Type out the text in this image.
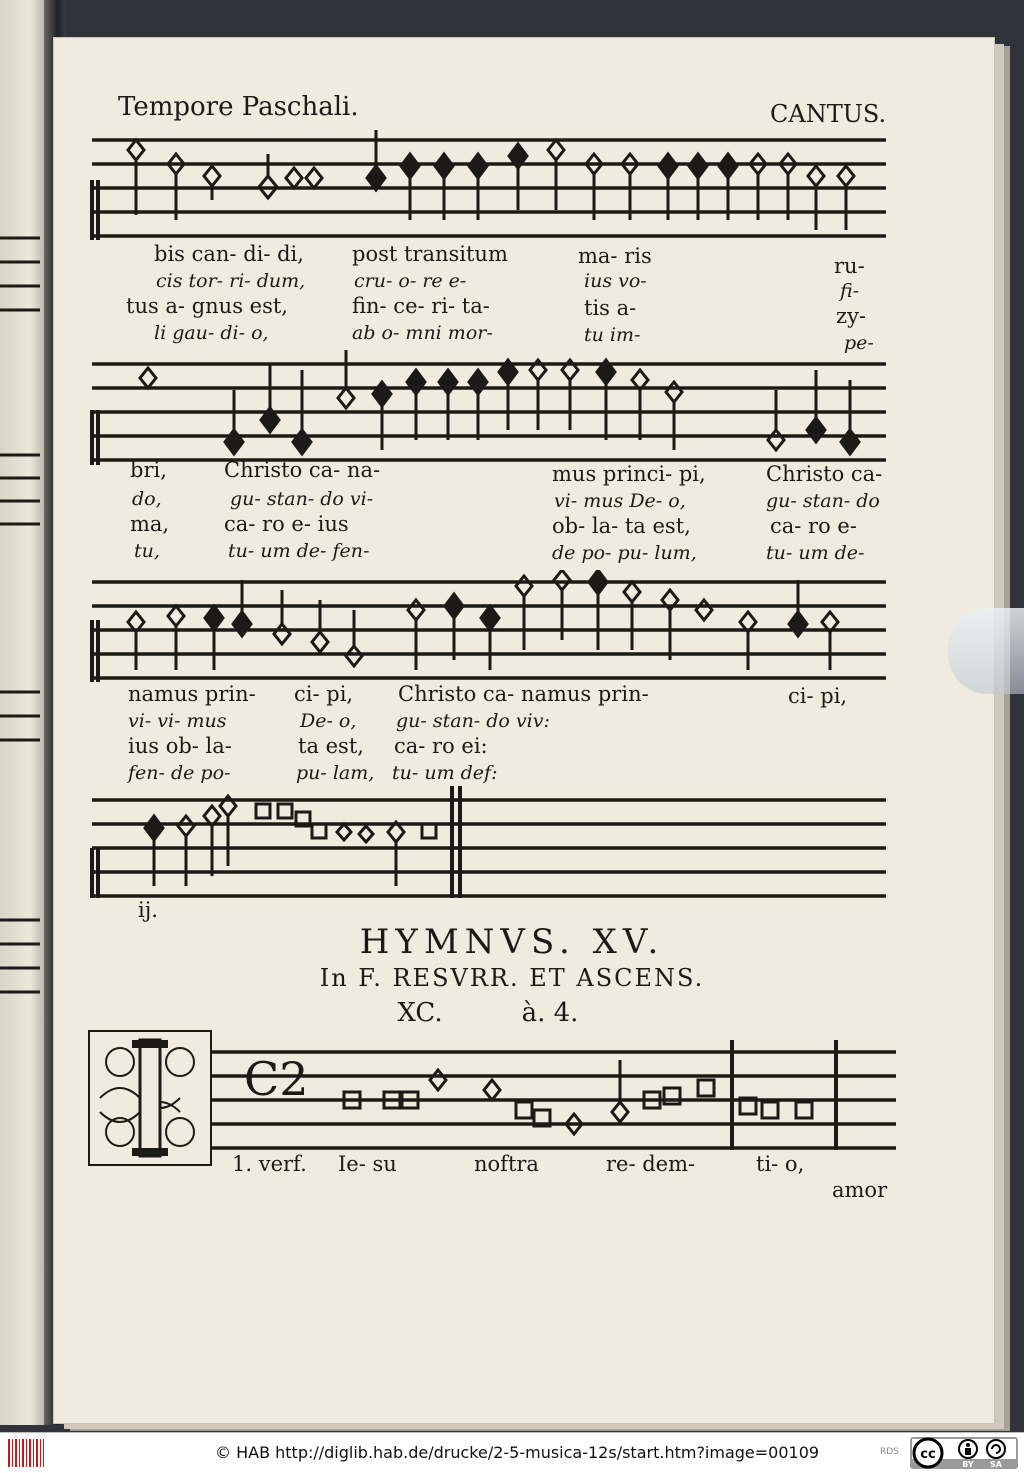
Tempore Paschali.	CANTUS.
bis can- di- di, post transitum	ma- ris	ru-
cis tor- ri- dum,	cru- o- re e-	ius vo-	fi-
tus a- gnus est,	fin- ce- ri- ta-	tis a-	zy-
li gau- di- o,	ab o- mni mor-	tu im-	pe-
bri,	Christo ca- na-	mus princi- pi,	Christo ca-
do,	gu- stan- do vi-	vi- mus De- o,	gu- stan- do
ma,	ca- ro e- ius	ob- la- ta est,	ca- ro e-
tu,	tu- um de- fen-	de po- pu- lum,	tu- um de-
namus prin- ci- pi, Christo ca- namus prin-	ci- pi,
vi- vi- mus	De- o, gu- stan- do viv:
ius ob- la-	ta est, ca- ro ei:
fen- de po-	pu- lam, tu- um def:
ij.
HYMNVS. XV.
In F. RESVRR. ET ASCENS.
XC.	à. 4.
C2
1. verf. Ie- su	noftra	re- dem-	ti- o,
amor
© HAB http://diglib.hab.de/drucke/2-5-musica-12s/start.htm?image=00109	RDS cc
BY SA
